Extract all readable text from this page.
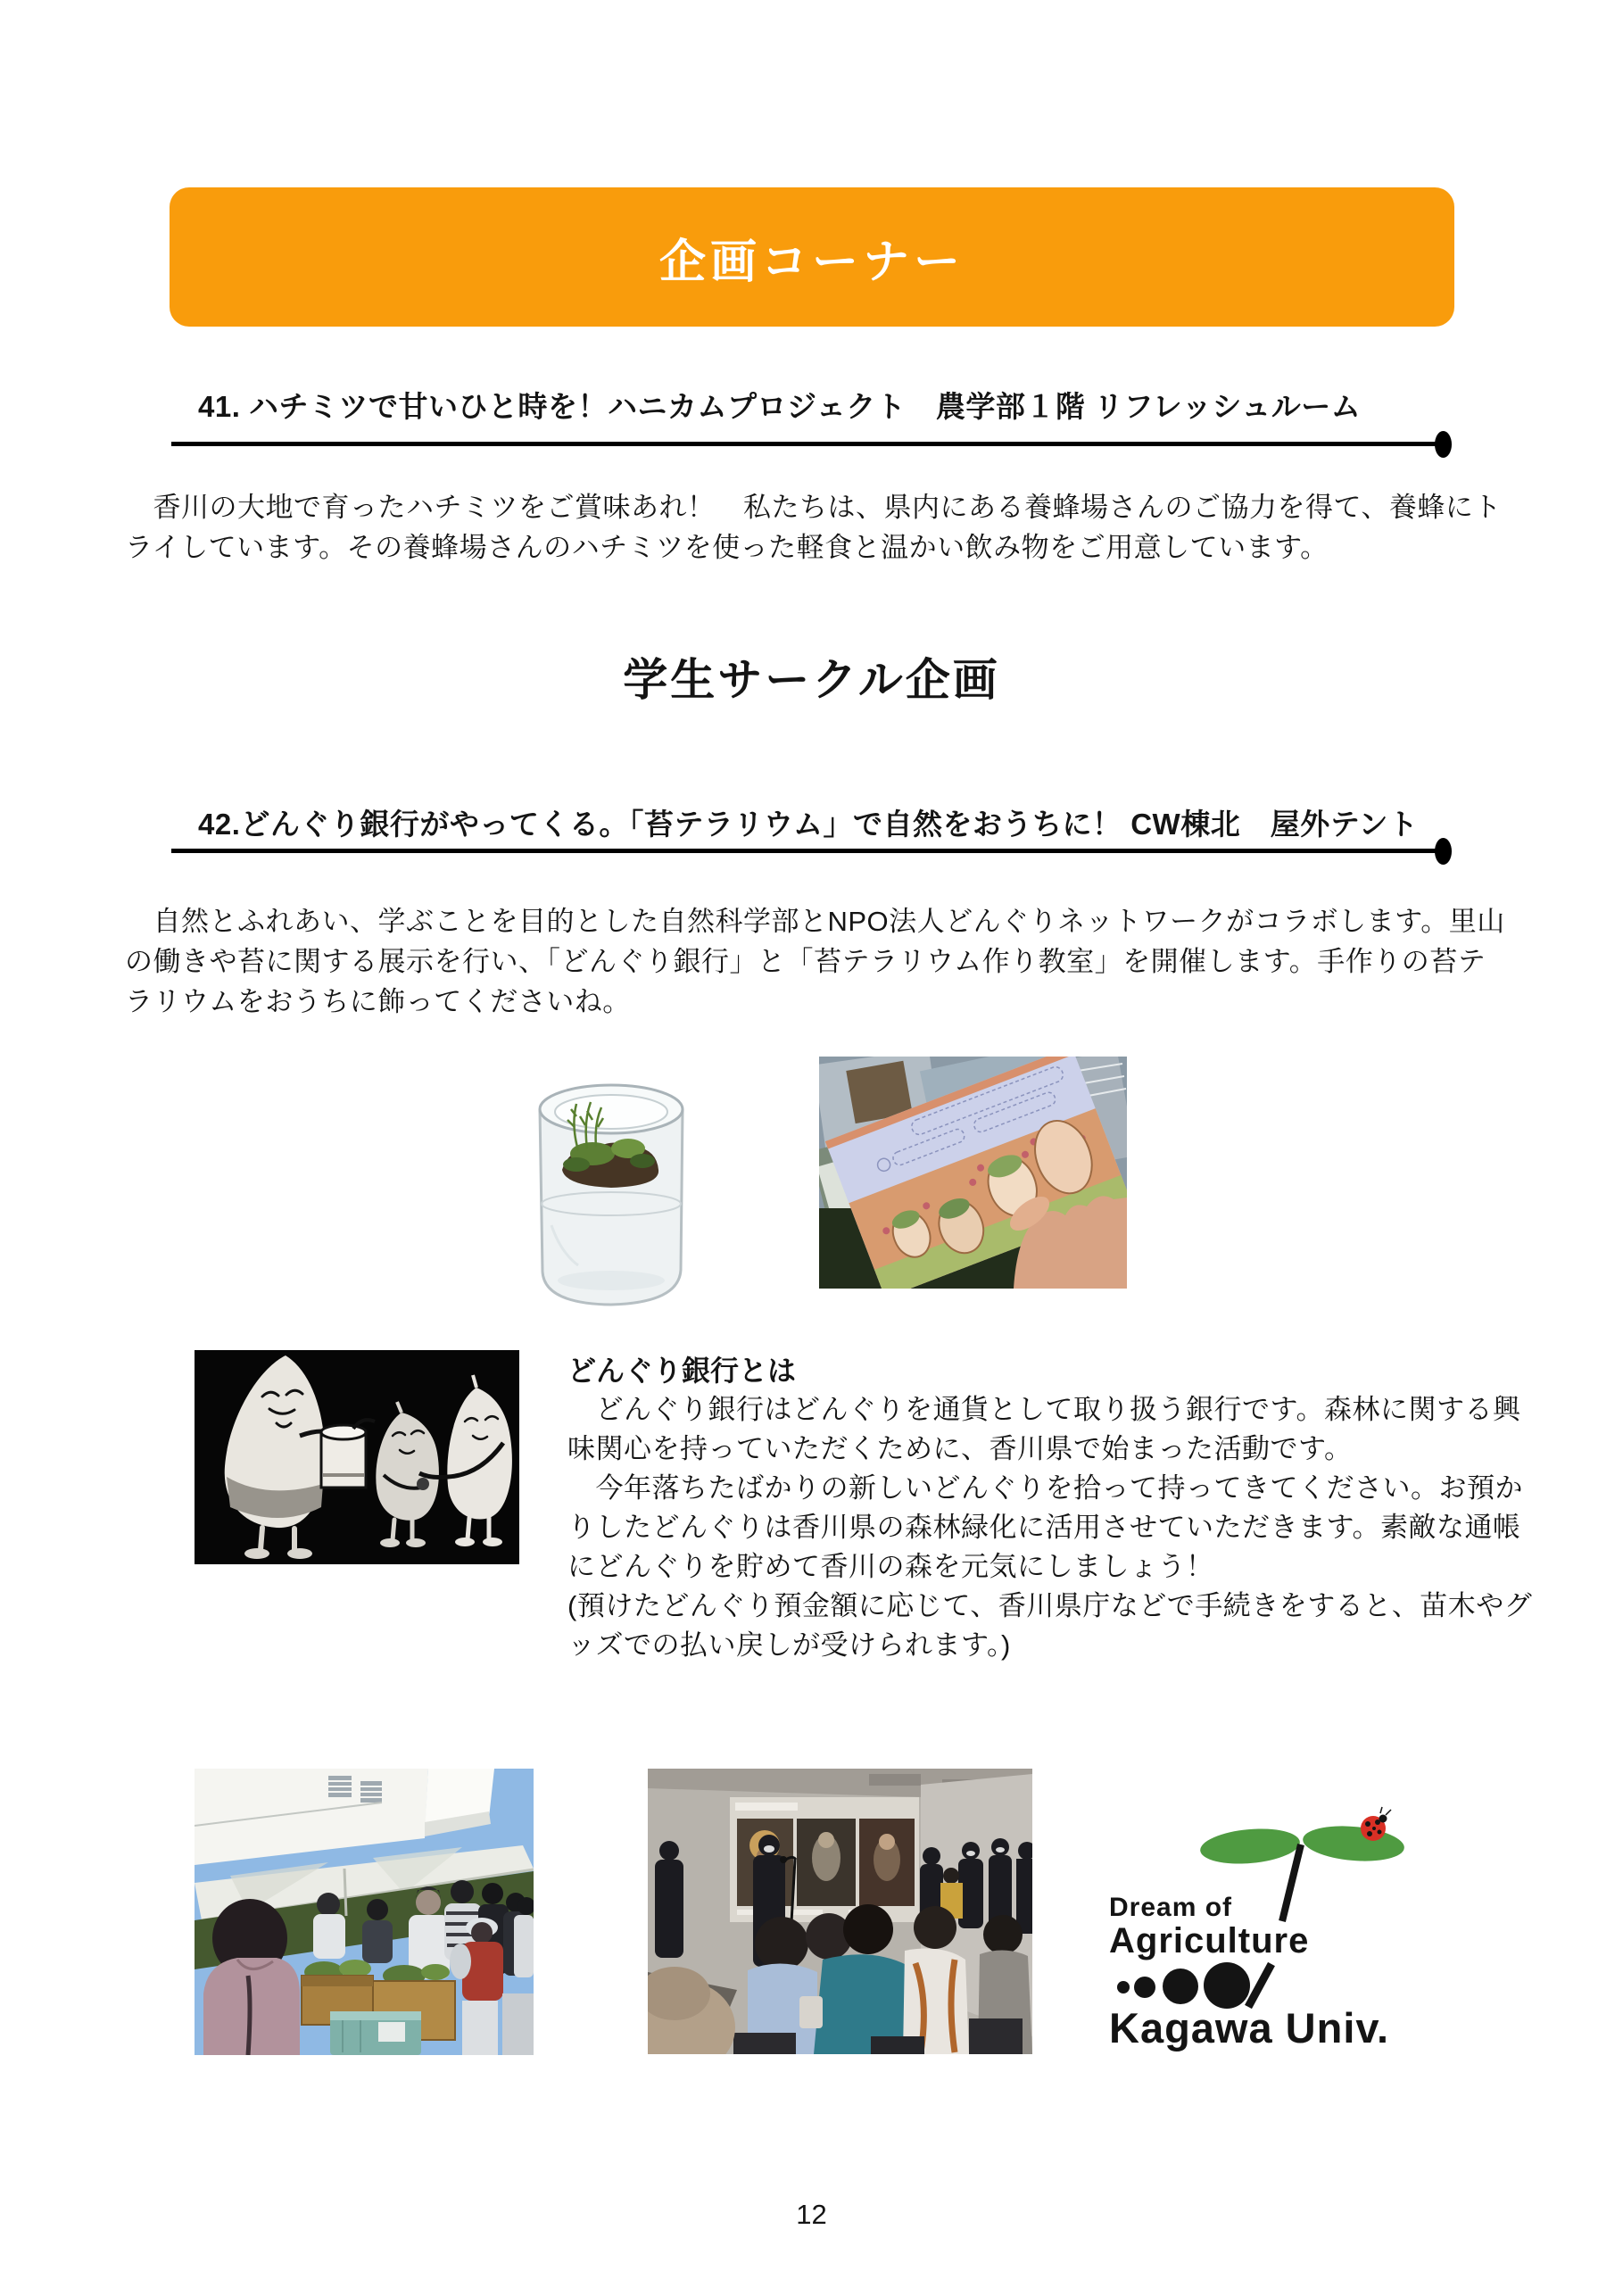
企画コーナー
41. ハチミツで甘いひと時を！ハニカムプロジェクト　農学部１階 リフレッシュルーム
　香川の大地で育ったハチミツをご賞味あれ！　私たちは、県内にある養蜂場さんのご協力を得て、養蜂にトライしています。その養蜂場さんのハチミツを使った軽食と温かい飲み物をご用意しています。
学生サークル企画
42.どんぐり銀行がやってくる。「苔テラリウム」で自然をおうちに！ CW棟北　屋外テント
　自然とふれあい、学ぶことを目的とした自然科学部とNPO法人どんぐりネットワークがコラボします。里山の働きや苔に関する展示を行い、「どんぐり銀行」と「苔テラリウム作り教室」を開催します。手作りの苔テラリウムをおうちに飾ってくださいね。
どんぐり銀行とは
　どんぐり銀行はどんぐりを通貨として取り扱う銀行です。森林に関する興味関心を持っていただくために、香川県で始まった活動です。
　今年落ちたばかりの新しいどんぐりを拾って持ってきてください。お預かりしたどんぐりは香川県の森林緑化に活用させていただきます。素敵な通帳にどんぐりを貯めて香川の森を元気にしましょう！
(預けたどんぐり預金額に応じて、香川県庁などで手続きをすると、苗木やグッズでの払い戻しが受けられます。)
Dream of
Agriculture
Kagawa Univ.
12
